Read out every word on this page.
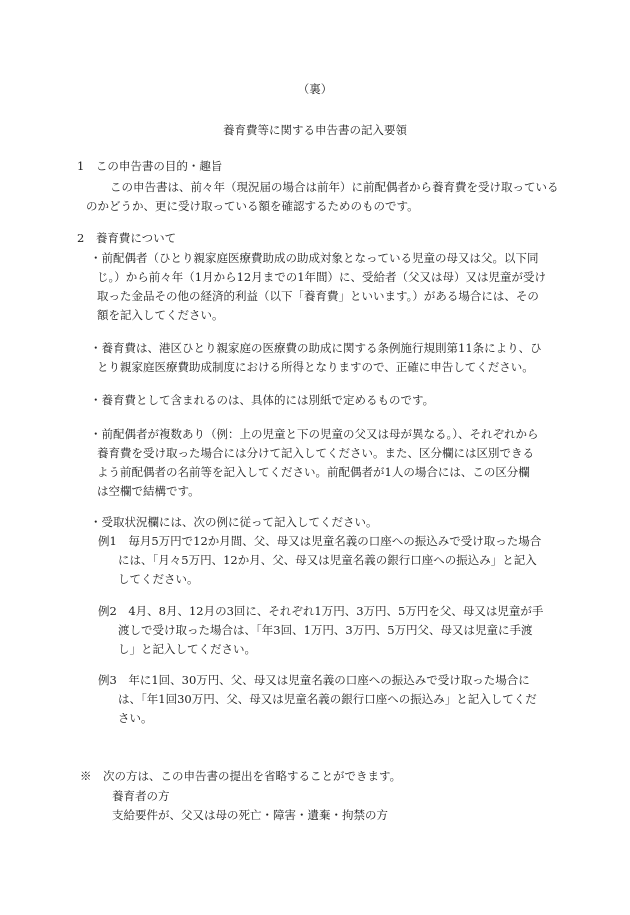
（裏）
養育費等に関する申告書の記入要領
1　この申告書の目的・趣旨
この申告書は、前々年（現況届の場合は前年）に前配偶者から養育費を受け取っている
のかどうか、更に受け取っている額を確認するためのものです。
2　養育費について
・前配偶者（ひとり親家庭医療費助成の助成対象となっている児童の母又は父。以下同
じ。）から前々年（1月から12月までの1年間）に、受給者（父又は母）又は児童が受け
取った金品その他の経済的利益（以下「養育費」といいます。）がある場合には、その
額を記入してください。
・養育費は、港区ひとり親家庭の医療費の助成に関する条例施行規則第11条により、ひ
とり親家庭医療費助成制度における所得となりますので、正確に申告してください。
・養育費として含まれるのは、具体的には別紙で定めるものです。
・前配偶者が複数あり（例：上の児童と下の児童の父又は母が異なる。）、それぞれから
養育費を受け取った場合には分けて記入してください。また、区分欄には区別できる
よう前配偶者の名前等を記入してください。前配偶者が1人の場合には、この区分欄
は空欄で結構です。
・受取状況欄には、次の例に従って記入してください。
例1　毎月5万円で12か月間、父、母又は児童名義の口座への振込みで受け取った場合
には、「月々5万円、12か月、父、母又は児童名義の銀行口座への振込み」と記入
してください。
例2　4月、8月、12月の3回に、それぞれ1万円、3万円、5万円を父、母又は児童が手
渡しで受け取った場合は、「年3回、1万円、3万円、5万円父、母又は児童に手渡
し」と記入してください。
例3　年に1回、30万円、父、母又は児童名義の口座への振込みで受け取った場合に
は、「年1回30万円、父、母又は児童名義の銀行口座への振込み」と記入してくだ
さい。
※　次の方は、この申告書の提出を省略することができます。
養育者の方
支給要件が、父又は母の死亡・障害・遺棄・拘禁の方
